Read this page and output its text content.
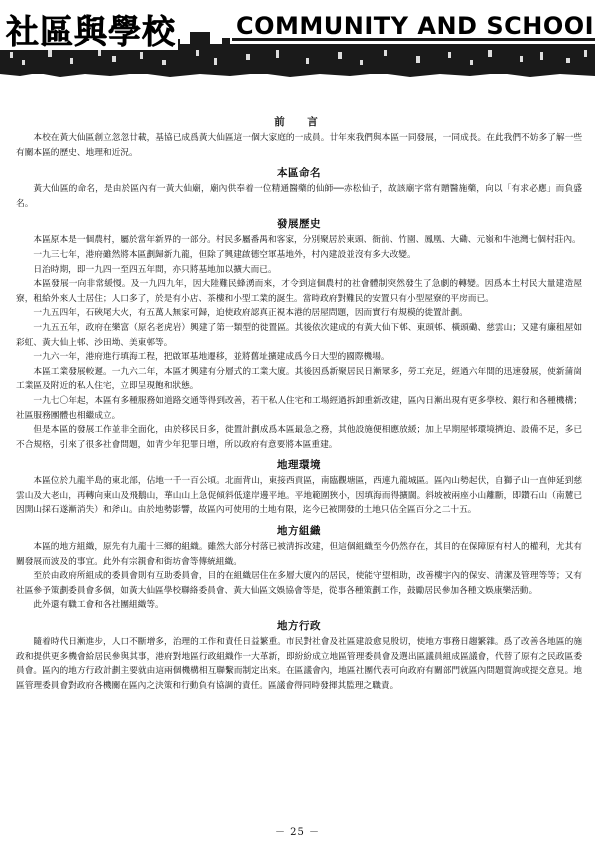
社區與學校	COMMUNITY AND SCHOOI
前　言

本校在黃大仙區創立忽忽廿載，基協已成爲黃大仙區這一個大家庭的一成員。廿年來我們與本區一同發展，一同成長。在此我們不妨多了解一些有關本區的歷史、地理和近況。

本區命名

黃大仙區的命名，是由於區內有一黃大仙廟，廟內供奉着一位精通醫藥的仙師──赤松仙子，故該廟字常有贈醫施藥，向以「有求必應」而負盛名。

發展歷史

本區原本是一個農村，屬於當年新界的一部分。村民多屬番禺和客家，分別聚居於東頭、衙前、竹園、鳳凰、大磡、元嶺和牛池灣七個村莊內。

一九三七年，港府雖然將本區劃歸新九龍，但除了興建啟德空軍基地外，村內建設並沒有多大改變。

日治時期，即一九四一至四五年間，亦只將基地加以擴大而已。

本區發展一向非常緩慢。及一九四九年，因大陸難民蜂湧而來，才令到這個農村的社會體制突然發生了急劇的轉變。因爲本土村民大量建造屋寮，租給外來人士居住；人口多了，於是有小店、茶樓和小型工業的誕生。當時政府對難民的安置只有小型屋寮的平房而已。

一九五四年，石硤尾大火，有五萬人無家可歸，迫使政府認真正視本港的居屋問題，因而實行有規模的徙置計劃。

一九五五年，政府在樂富（原名老虎岩）興建了第一類型的徙置區。其後依次建成的有黃大仙下邨、東頭邨、橫頭磡、慈雲山；又建有廉租屋如彩虹、黃大仙上邨、沙田坳、美東邨等。

一九六一年，港府進行填海工程，把啟軍基地遷移，並將舊址擴建成爲今日大型的國際機場。

本區工業發展較遲。一九六二年，本區才興建有分層式的工業大廈。其後因爲新聚居民日漸眾多，勞工充足，經過六年間的迅速發展，使新蒲崗工業區及附近的私人住宅，立即呈現飽和狀態。

一九七〇年起，本區有多種服務如道路交通等得到改善，若干私人住宅和工場經過拆卸重新改建，區內日漸出現有更多學校、銀行和各種機構；社區服務團體也相繼成立。

但是本區的發展工作並非全面化，由於移民日多，徙置計劃成爲本區最急之務，其他設施便相應放緩；加上早期屋邨環境擠迫、設備不足，多已不合規格，引來了很多社會問題，如青少年犯罪日增，所以政府有意要將本區重建。

地理環境

本區位於九龍半島的東北部，佔地一千一百公頃。北面背山，東接西貢區，南臨觀塘區，西連九龍城區。區內山勢起伏，自獅子山一直伸延到慈雲山及大老山，再轉向東山及飛鵝山，華山山上急促傾斜低達岸邊平地。平地範圍狹小，因填海而得擴闊。斜坡被兩座小山離斷，即鑽石山（南麓已因開山採石遂漸消失）和斧山。由於地勢影響，故區內可使用的土地有限，迄今已被開發的土地只佔全區百分之二十五。

地方組織

本區的地方組織，原先有九龍十三鄉的組織。雖然大部分村落已被清拆改建，但這個組織至今仍然存在，其目的在保障原有村人的權利，尤其有關發展而波及的事宜。此外有宗親會和街坊會等傳統組織。

至於由政府所組成的委員會則有互助委員會，目的在組織居住在多層大廈內的居民，使能守望相助，改善樓宇內的保安、清潔及管理等等；又有社區參予策劃委員會多個，如黃大仙區學校聯絡委員會、黃大仙區文娛協會等是，從事各種策劃工作，鼓勵居民參加各種文娛康樂活動。

此外還有職工會和各社團組織等。

地方行政

隨着時代日漸進步，人口不斷增多，治理的工作和責任日益繁重。市民對社會及社區建設愈見殷切，使地方事務日趨繁雜。爲了改善各地區的施政和提供更多機會給居民參與其事，港府對地區行政組織作一大革新，即紛紛成立地區管理委員會及選出區議員組成區議會，代替了原有之民政區委員會。區內的地方行政計劃主要就由這兩個機構相互聯繫而制定出來。在區議會內，地區社團代表可向政府有關部門就區內問題質詢或提交意見。地區管理委員會對政府各機關在區內之決策和行動負有協調的責任。區議會得同時發揮其監理之職責。

－ 25 －
